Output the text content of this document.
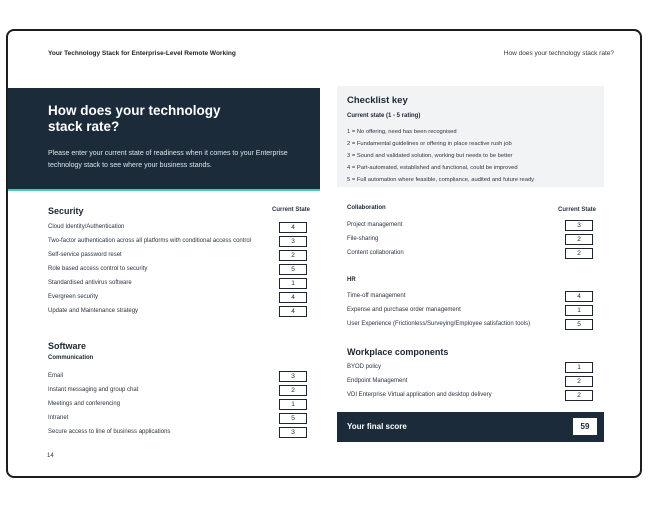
Your Technology Stack for Enterprise-Level Remote Working	How does your technology stack rate?
How does your technology stack rate?

Please enter your current state of readiness when it comes to your Enterprise technology stack to see where your business stands.

Checklist key
Current state (1 - 5 rating)
1 = No offering, need has been recognised
2 = Fundamental guidelines or offering in place reactive rush job
3 = Sound and validated solution, working but needs to be better
4 = Part-automated, established and functional, could be improved
5 = Full automation where feasible, compliance, audited and future ready
Security	Current State
Cloud Identity/Authentication	4
Two-factor authentication across all platforms with conditional access control	3
Self-service password reset	2
Role based access control to security	5
Standardised antivirus software	1
Evergreen security	4
Update and Maintenance strategy	4
Software
Communication
Email	3
Instant messaging and group chat	2
Meetings and conferencing	1
Intranet	5
Secure access to line of business applications	3
Collaboration	Current State
Project management	3
File-sharing	2
Content collaboration	2
HR
Time-off management	4
Expense and purchase order management	1
User Experience (Frictionless/Surveying/Employee satisfaction tools)	5
Workplace components
BYOD policy	1
Endpoint Management	2
VDI Enterprise Virtual application and desktop delivery	2
Your final score	59
14
